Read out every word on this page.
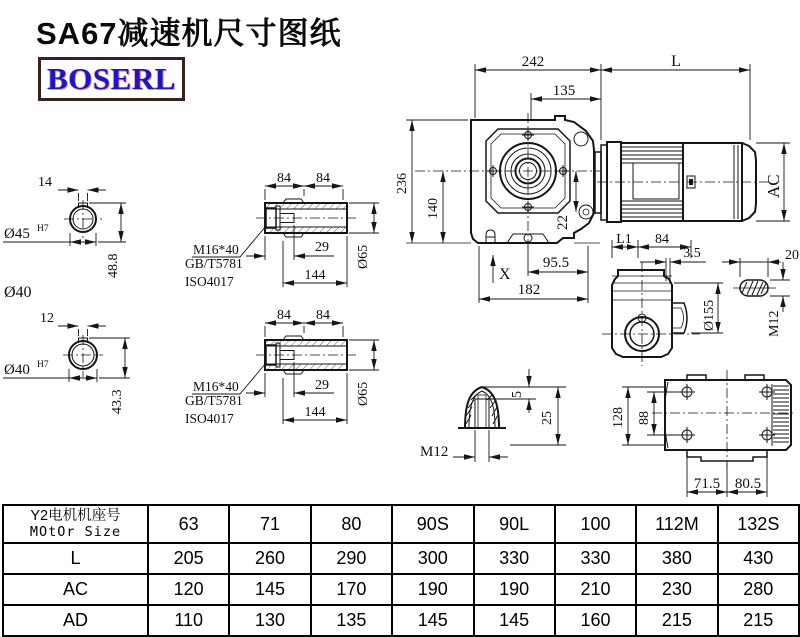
SA67减速机尺寸图纸
BOSERL	242	L
135
236
140
AC
22
X
95.5
182
L1 84
3.5
Ø155
20
M12
128 88
71.5 80.5
14
Ø45 H7
48.8
Ø40
12
Ø40 H7
43.3
84 84
29
144
Ø65
M16*40
GB/T5781
ISO4017
84 84
29
144
Ø65
M16*40
GB/T5781
ISO4017
5
25
M12
Y2电机机座号
MOtOr Size	63	71	80	90S	90L	100	112M	132S
L	205	260	290	300	330	330	380	430
AC	120	145	170	190	190	210	230	280
AD	110	130	135	145	145	160	215	215
